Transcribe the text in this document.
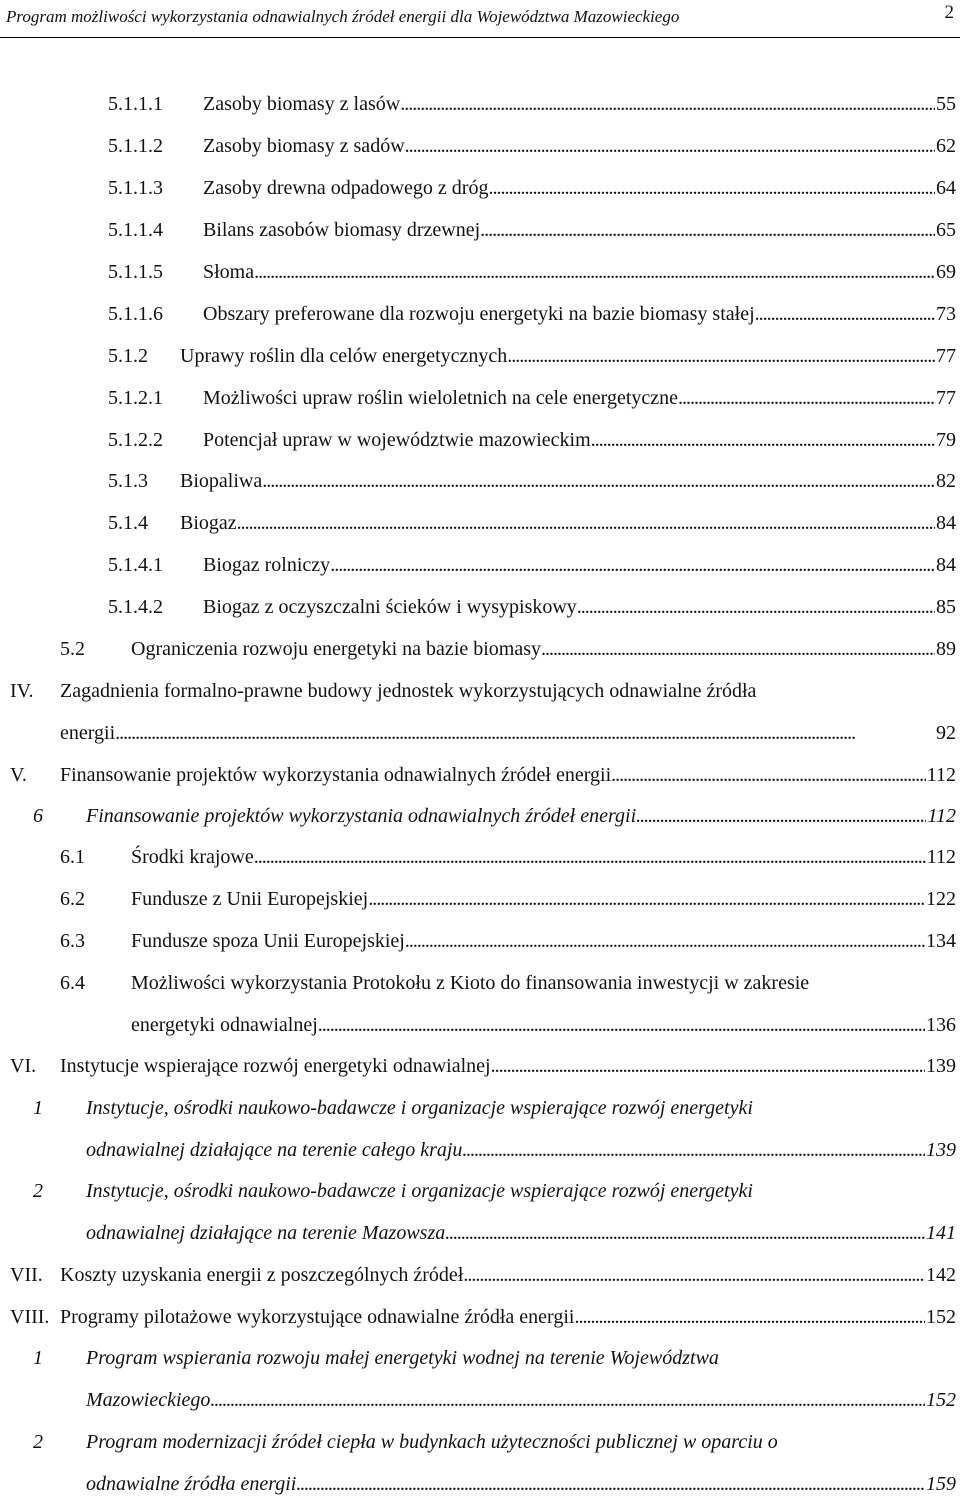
Program możliwości wykorzystania odnawialnych źródeł energii dla Województwa Mazowieckiego	2
5.1.1.1 Zasoby biomasy z lasów . . .	55
5.1.1.2 Zasoby biomasy z sadów . . .	62
5.1.1.3 Zasoby drewna odpadowego z dróg . . .	64
5.1.1.4 Bilans zasobów biomasy drzewnej . . .	65
5.1.1.5 Słoma . . .	69
5.1.1.6 Obszary preferowane dla rozwoju energetyki na bazie biomasy stałej . . .	73
5.1.2 Uprawy roślin dla celów energetycznych . . .	77
5.1.2.1 Możliwości upraw roślin wieloletnich na cele energetyczne . . .	77
5.1.2.2 Potencjał upraw w województwie mazowieckim . . .	79
5.1.3 Biopaliwa . . .	82
5.1.4 Biogaz . . .	84
5.1.4.1 Biogaz rolniczy . . .	84
5.1.4.2 Biogaz z oczyszczalni ścieków i wysypiskowy . . .	85
5.2 Ograniczenia rozwoju energetyki na bazie biomasy . . .	89
IV. Zagadnienia formalno-prawne budowy jednostek wykorzystujących odnawialne źródła
energii . . .	92
V. Finansowanie projektów wykorzystania odnawialnych źródeł energii . . .	112
6 Finansowanie projektów wykorzystania odnawialnych źródeł energii . . .	112
6.1 Środki krajowe . . .	112
6.2 Fundusze z Unii Europejskiej . . .	122
6.3 Fundusze spoza Unii Europejskiej . . .	134
6.4 Możliwości wykorzystania Protokołu z Kioto do finansowania inwestycji w zakresie
energetyki odnawialnej . . .	136
VI. Instytucje wspierające rozwój energetyki odnawialnej . . .	139
1 Instytucje, ośrodki naukowo-badawcze i organizacje wspierające rozwój energetyki
odnawialnej działające na terenie całego kraju . . .	139
2 Instytucje, ośrodki naukowo-badawcze i organizacje wspierające rozwój energetyki
odnawialnej działające na terenie Mazowsza . . .	141
VII. Koszty uzyskania energii z poszczególnych źródeł . . .	142
VIII. Programy pilotażowe wykorzystujące odnawialne źródła energii . . .	152
1 Program wspierania rozwoju małej energetyki wodnej na terenie Województwa
Mazowieckiego . . .	152
2 Program modernizacji źródeł ciepła w budynkach użyteczności publicznej w oparciu o
odnawialne źródła energii . . .	159
